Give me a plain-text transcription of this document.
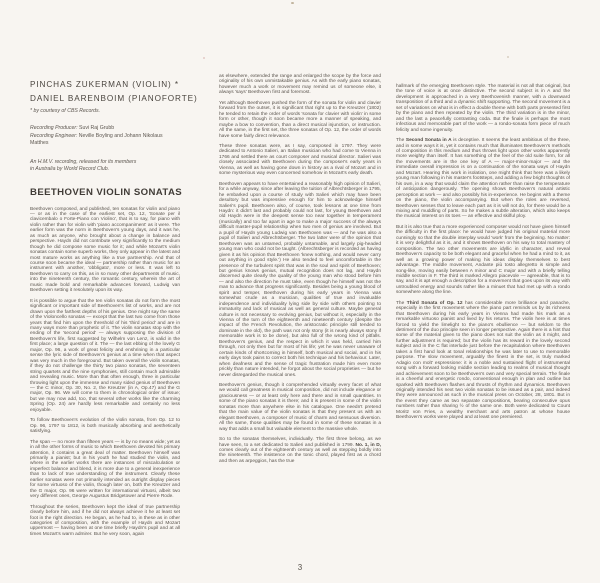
PINCHAS ZUKERMAN (VIOLIN) *
DANIEL BARENBOIM (PIANOFORTE)
* by courtesy of CBS Records.
Recording Producer: Suvi Raj Grubb
Recording Engineer: Neville Boyling and Johann Nikolaus Matthes
An H.M.V. recording, released for its members
in Australia by World Record Club.
BEETHOVEN VIOLIN SONATAS

Beethoven composed, and published, ten sonatas for violin and piano — or as in the case of the earliest set, Op. 12, 'Sonate per il clavicembalo o Forte-Piano con Violino', that is to say, for piano with violin rather than for violin with 'piano accompaniment' as it were. The earlier form was the norm in Beethoven's young days, and it was he, as much as anyone, who brought about a change in balance and perspective. Haydn did not contribute very significantly to the medium though he did compose some music for it; and while Mozart's violin sonatas contain some superb works, they only appear in the latest and most mature works as anything like a true partnership. And that of course soon became the ideal — partnership rather than music for an instrument with another, 'obbligato', more or less. It was left to Beethoven to carry on this, as in so many other departments of music, into the nineteenth century, the romantic century, wherein the art of music made bold and remarkable advances forward, Ludwig van Beethoven setting it resolutely upon its way.

It is possible to argue that the ten violin sonatas do not form the most significant or important side of Beethoven's list of works, and are not drawn upon the farthest depths of his genius. One might say the same of the Violoncello sonatas — except that the last two come from those years that find him upon the threshold of his 'third period' and are in many ways more than prophetic of it. The violin sonatas stop with the ending of the 'second period' — always supposing the division of Beethoven's life, first suggested by Wilhelm von Lenz, is valid in the first place; a large question of it. The — the last ebbing of the lovely G major, Op. 96, a work of great felicity and enshrining in a particular sense the lyric side of Beethoven's genius at a time when that aspect was very much in the foreground. But taken overall the violin sonatas, if they do not challenge the thirty two piano sonatas, the seventeen string quartets and the nine symphonies, still contain much admirable and revealing music. More than that often enough, three in particular throwing light upon the immense and many sided genius of Beethoven — the C minor, Op. 30, No. 2, the Kreutzer (in A, Op.47) and the G major, Op. 96. We will come to them in chronological order of issue; but we may now add, too, that several other works like the charming Spring (Op. 24) are hardly less remarkable and certainly no less enjoyable.

To follow Beethoven's evolution of the violin sonata, from Op. 12 to Op. 96, 1797 to 1812, is both musically absorbing and aesthetically satisfying.

The span — no more than fifteen years — is by no means wide; yet as in all the other forms of music to which Beethoven devoted his primary attention, it contains a great deal of matter. Beethoven himself was primarily a pianist; but in his youth he had studied the violin, and where in the earlier works there are instances of miscalculation or imperfect balance and blend, it is more due to a general inexperience than to lack of true understanding of the instrument. Clearly these earlier sonatas were not primarily intended as outright display pieces for some virtuoso of the violin, though later on, both the Kreutzer and the G major, Op. 96 were written for international virtuosi, albeit two very different ones, George Augustus Bridgetower and Pierre Rode.

Throughout the series, Beethoven kept the ideal of true partnership clearly before him, and if he did not always achieve it he at least set foot in the right direction. He began, as he had to, in these as in other categories of composition, with the example of Haydn and Mozart uppermost — having been at one time briefly Haydn's pupil and at all times Mozart's warm admirer. But he very soon, again

as elsewhere, extended the range and enlarged the scope by the force and originality of his own unmistakable genius. As with the early piano sonatas, however much a work or movement may remind us of someone else, it always 'says' Beethoven first and foremost.

Yet although Beethoven pushed the form of the sonata for violin and clavier forward from the outset, it is significant that right up to the Kreutzer (1802) he tended to retain the order of words 'sonata for clavier with violin' in some form or other, though it soon became more a manner of speaking, and maybe a bow to convention, than a direct musical injunction, or instruction. All the same, in the first set, the three sonatas of Op. 12, the order of words have some fairly direct relevance.

These three sonatas were, as I say, composed in 1797. They were dedicated to Antonio Salieri, an Italian musician who had come to Vienna in 1766 and settled there as court composer and musical director. Salieri was closely associated with Beethoven during the composer's early years in Vienna, as well as having gone down in history as a rival of Mozart and in some mysterious way even concerned somehow in Mozart's early death.

Beethoven appears to have entertained a reasonably high opinion of Salieri, for a while anyway, since after leaving the tuition of Albrechtsberger in 1795, he embarked upon a course of study with Salieri which may have been desultory but was impressive enough for him to acknowledge himself Salieri's pupil. Beethoven also, of course, took lessons at one time from Haydn: it didn't last and probably could not last, for young Beethoven and old Haydn were in the deepest sense too near together in temperament (musically) and too far apart in age to make a major success of the always difficult master-pupil relationship when two men of genius are involved. But a pupil of Haydn young Ludwig van Beethoven was — and he was also a pupil of Salieri and Albrechtsberger. The two latter were of the opinion that Beethoven was an untamed, probably untamable, and largely pig-headed young man who could not be taught. (Albrechtsberger is recorded as having given it as his opinion that Beethoven 'knew nothing, and would never carry out anything in good style.') He also tended to feel uncomfortable in the presence of the turbulent spirit that was in the soul and spirit of Beethoven; but genius knows genius, mutual recognition does not lag, and Haydn discerned quite clearly the quality of the young man who stood before him — and also the direction he must take, even though he himself was not the man to advance that progress significantly. Besides being a young blood of spirit and temper, Beethoven during his early years in Vienna was somewhat crude as a musician, qualities of true and invaluable independence and individuality lying side by side with others pointing to immaturity and lack of musical as well as general culture. Maybe general culture is not necessary to evolving genius, but without it, especially in the Vienna of the turn of the eighteenth and nineteenth century (despite the impact of the French Revolution, the aristocratic principle still tended to dominate in the old), the path was not only stony (it is nearly always stony if memorable work is to be done), but also full of the wrong kind of pitfalls. Beethoven's genius, and the respect in which it was held, carried him through, not only then but for most of his life; yet he was never unaware of certain kinds of shortcoming in himself, both musical and social, and in his early days took pains to correct both his technique and his behaviour. Later, when deafness and the sense of tragic frustration made him even more prickly than nature intended, he forgot about the social proprieties — but he never disregarded the musical ones.

Beethoven's genius, though it comprehended virtually every facet of what we would call greatness in musical composition, did not include elegance or graciousness — or at least only here and there and in small quantities. In some of the piano sonatas it is there; and it is present in some of the violin sonatas more than anywhere else in his catalogue. One needn't pretend that the main value of the violin sonatas is that they present us with an elegant Beethoven, a composer of music of charm and sensuous diversion. All the same, those qualities may be found in some of these sonatas in a way that adds a small but valuable element to the massive whole.

So to the sonatas themselves, individually. The first three belong, as we have seen, to a set dedicated to Salieri and published in 1799. No. 1, in D, comes clearly out of the eighteenth century as well as stepping boldly into the nineteenth. The insistence on the tonic chord, played first as a chord and then as arpeggios, has the true

hallmark of the emerging Beethoven style. The material is not all that original, but the tone of voice is at once distinctive. The second subject is in A and the development is approached in a very Beethovenish manner, with a downward transposition of a third and a dynamic shift supporting. The second movement is a set of variations on what is in effect a double theme with both parts presented first by the piano and then repeated by the violin. The third variation is in the minor, and the last a peacefully contrasting coda. But the finale is perhaps the most infectious and memorable part of the work — a rondo-sonata form piece of much felicity and some ingenuity.

The Second Sonata in A is deceptive. It seems the least ambitious of the three, and in some ways it is, yet it contains much that illuminates Beethoven's methods of composition in this medium and thus throws light upon other works apparently more weighty than itself. It has something of the feel of the old suite form, for all the movements are in the one key of A — major-minor-major — and the immediate overall impression is on a continuation of the sonata ways of Haydn and Mozart. Hearing this work in isolation, one might think that here was a likely young man following in his master's footsteps, and adding a few bright thoughts of his own, in a way that would claim the attention rather than raise the temperature of anticipation dangerously. The opening shows Beethoven's natural artistic perception at work — and also possibly his in-experience. He begins with a theme on the piano, the violin accompanying. But when the roles are reversed, Beethoven senses that to leave each part as it is will not do, for there would be a mixing and muddling of parts. So he makes a subtle alteration, which also keeps the musical interest on its toes — an effective and skilful ploy.

But it is also true that a more experienced composer would not have given himself the difficulty in the first place: he would have judged his original material more cunningly so that the double interplay would 'work' from the beginning. No matter: it is very delightful as it is, and it shows Beethoven on his way to total mastery of composition. The two other movements are idyllic in character, and reveal Beethoven's capacity to be both elegant and graceful when he had a mind to it, as well as a growing power of making his ideas display themselves to best advantage. The middle movement, Andante più tosto allegretto is simple and song-like, moving easily between A minor and C major and with a briefly telling middle section in F. The third is marked Allegro piacevole — agreeable, that is to say, and it is apt enough a description for a movement that goes upon its way with untroubled energy and sounds rather like a minuet that had met up with a rondo somewhere along the line.

The Third Sonata of Op. 12 has considerable more brilliance and panache, especially in the first movement where the piano part reminds us by its richness that Beethoven during his early years in Vienna had made his mark as a remarkable virtuoso pianist and lived by his returns. The violin here is at times forced to yield the limelight to the piano's ebullience — but seldom to the detriment of the duo principle seen in longer perspective. Again there is a hint that some of the material given to the piano does not suit the violin as it might, and further adjustment is required; but the violin has its reward in the lovely second subject and in the C flat interlude just before the recapitulation where Beethoven takes a first hand look at tonal relationships he was later to use to memorable purpose. The slow movement, arguably the finest in the set, is truly marked Adagio con molt' espressione: it is a noble and sustained flight of instrumental song with a forward looking middle section leading to realms of musical thought and achievement soon to be Beethoven's own and very special terrain. The finale is a cheerful and energetic rondo, conventional enough in plan and outline but sparked with Beethoven flashes and thrusts of rhythm and dynamics. Beethoven originally intended his next two violin sonatas to be issued as a pair, and indeed they were announced as such in the musical press on October, 28, 1801. But in the event they came as two separate compositions, bearing consecutive opus numbers rather than sharing ½ of the same one. Both were dedicated to Count Moritz von Fries, a wealthy merchant and arts patron at whose house Beethoven's works were played and at least one premiered.

3
